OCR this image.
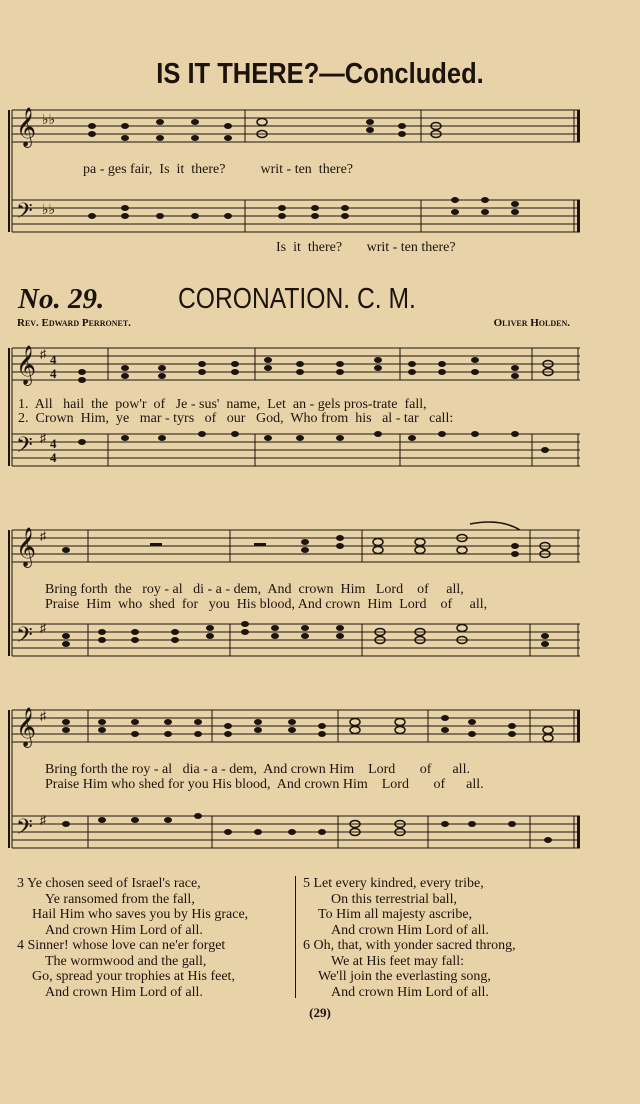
IS IT THERE?—Concluded.
𝄞
𝄢
♭♭
♭♭
pa - ges fair,  Is  it  there?          writ - ten  there?
Is  it  there?       writ - ten there?
No. 29.	CORONATION. C. M.
Rev. Edward Perronet.	Oliver Holden.
𝄞
𝄢
♯
♯
4
4
4
4
1.  All   hail  the  pow'r  of   Je - sus'  name,  Let  an - gels pros-trate  fall,
2.  Crown  Him,  ye   mar - tyrs   of   our   God,  Who from  his   al - tar   call:
𝄞
𝄢
♯
♯
Bring forth  the   roy - al   di - a - dem,  And  crown  Him   Lord    of     all,
Praise  Him  who  shed  for   you  His blood, And crown  Him  Lord    of     all,
𝄞
𝄢
♯
♯
Bring forth the roy - al   dia - a - dem,  And crown Him    Lord       of      all.
Praise Him who shed for you His blood,  And crown Him    Lord       of      all.
3 Ye chosen seed of Israel's race,
Ye ransomed from the fall,
Hail Him who saves you by His grace,
And crown Him Lord of all.
4 Sinner! whose love can ne'er forget
The wormwood and the gall,
Go, spread your trophies at His feet,
And crown Him Lord of all.
5 Let every kindred, every tribe,
On this terrestrial ball,
To Him all majesty ascribe,
And crown Him Lord of all.
6 Oh, that, with yonder sacred throng,
We at His feet may fall:
We'll join the everlasting song,
And crown Him Lord of all.
(29)
